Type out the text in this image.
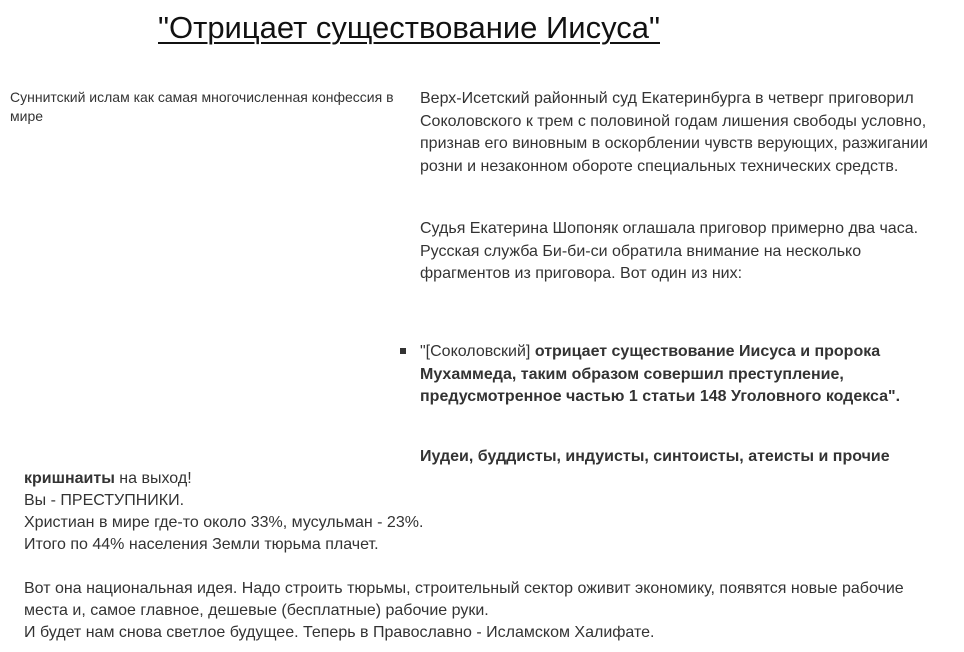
"Отрицает существование Иисуса"
Суннитский ислам как самая многочисленная конфессия в мире

Верх-Исетский районный суд Екатеринбурга в четверг приговорил Соколовского к трем с половиной годам лишения свободы условно, признав его виновным в оскорблении чувств верующих, разжигании розни и незаконном обороте специальных технических средств.

Судья Екатерина Шопоняк оглашала приговор примерно два часа. Русская служба Би-би-си обратила внимание на несколько фрагментов из приговора. Вот один из них:

"[Соколовский] отрицает существование Иисуса и пророка Мухаммеда, таким образом совершил преступление, предусмотренное частью 1 статьи 148 Уголовного кодекса".
Иудеи, буддисты, индуисты, синтоисты, атеисты и прочие
кришнаиты на выход!
Вы - ПРЕСТУПНИКИ.
Христиан в мире где-то около 33%, мусульман - 23%.
Итого по 44% населения Земли тюрьма плачет.
Вот она национальная идея. Надо строить тюрьмы, строительный сектор оживит экономику, появятся новые рабочие
места и, самое главное, дешевые (бесплатные) рабочие руки.
И будет нам снова светлое будущее. Теперь в Православно - Исламском Халифате.
